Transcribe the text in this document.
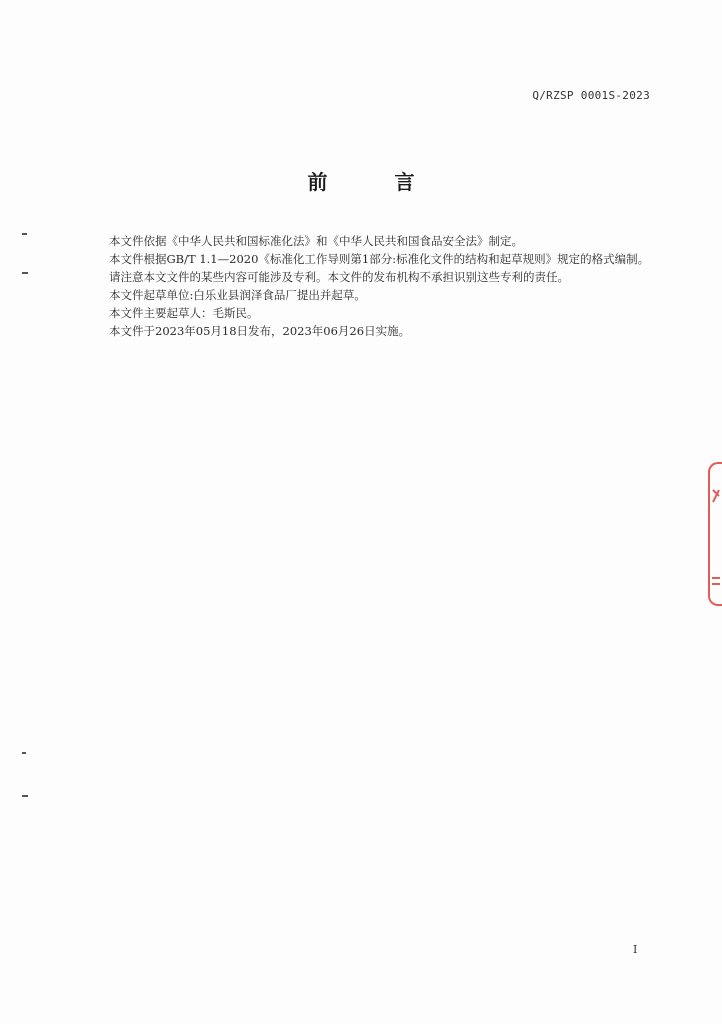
Q/RZSP 0001S-2023
前 言

本文件依据《中华人民共和国标准化法》和《中华人民共和国食品安全法》制定。

本文件根据GB/T 1.1—2020《标准化工作导则第1部分:标准化文件的结构和起草规则》规定的格式编制。

请注意本文文件的某些内容可能涉及专利。本文件的发布机构不承担识别这些专利的责任。

本文件起草单位:白乐业县润泽食品厂提出并起草。

本文件主要起草人：毛斯民。

本文件于2023年05月18日发布，2023年06月26日实施。

I
